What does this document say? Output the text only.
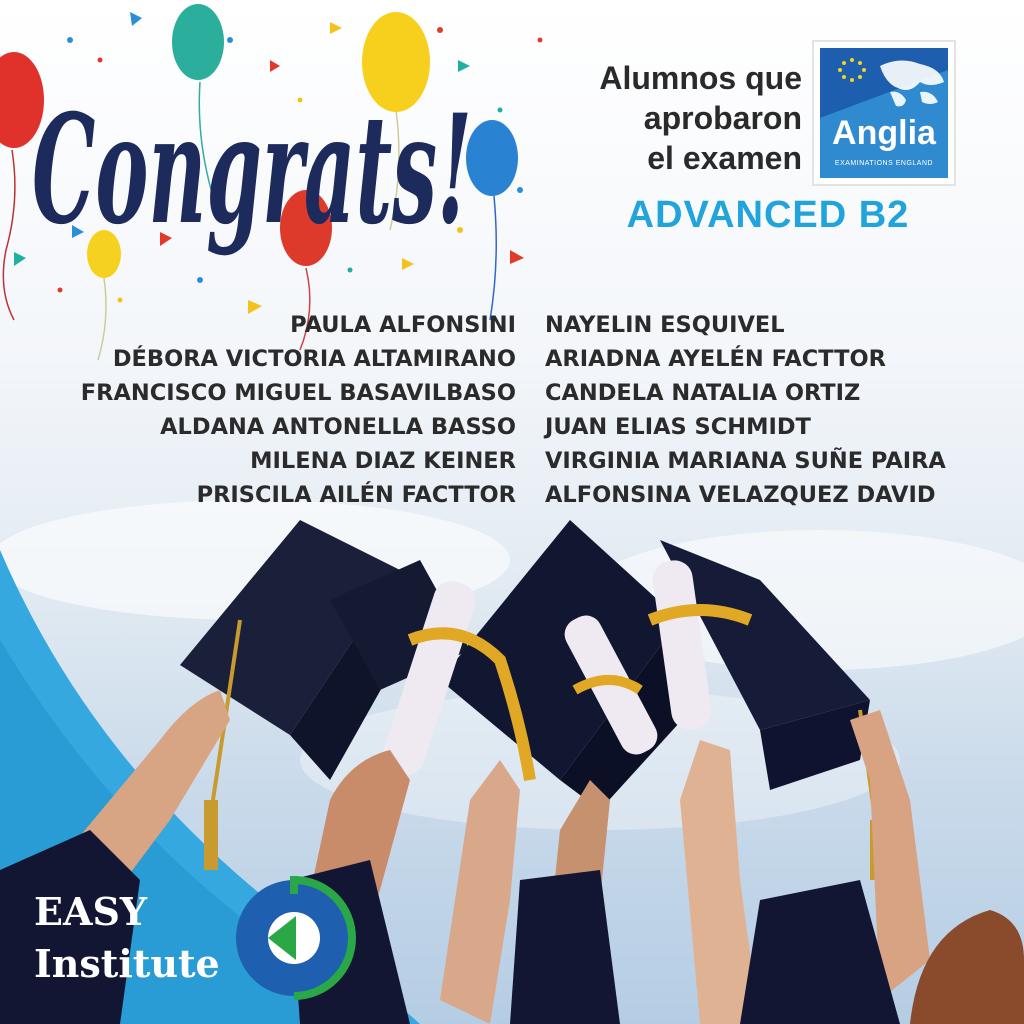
Congrats!
Alumnos que
aprobaron
el examen
Anglia
EXAMINATIONS ENGLAND
ADVANCED B2
PAULA ALFONSINI
DÉBORA VICTORIA ALTAMIRANO
FRANCISCO MIGUEL BASAVILBASO
ALDANA ANTONELLA BASSO
MILENA DIAZ KEINER
PRISCILA AILÉN FACTTOR
NAYELIN ESQUIVEL
ARIADNA AYELÉN FACTTOR
CANDELA NATALIA ORTIZ
JUAN ELIAS SCHMIDT
VIRGINIA MARIANA SUÑE PAIRA
ALFONSINA VELAZQUEZ DAVID
EASY
Institute
